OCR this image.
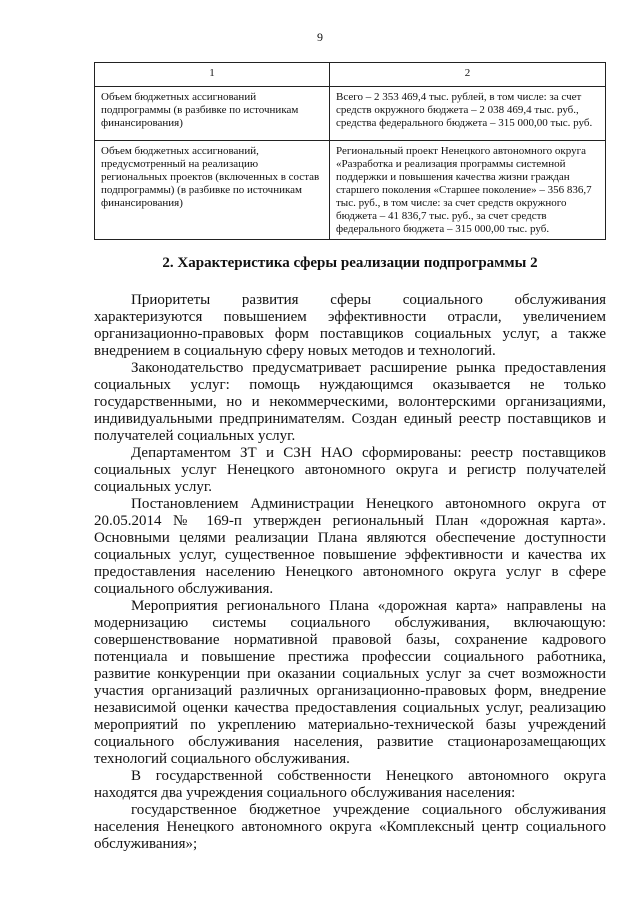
9
1	2
Объем бюджетных ассигнований подпрограммы (в разбивке по источникам финансирования)	Всего – 2 353 469,4 тыс. рублей, в том числе: за счет средств окружного бюджета – 2 038 469,4 тыс. руб., средства федерального бюджета – 315 000,00 тыс. руб.
Объем бюджетных ассигнований, предусмотренный на реализацию региональных проектов (включенных в состав подпрограммы) (в разбивке по источникам финансирования)	Региональный проект Ненецкого автономного округа «Разработка и реализация программы системной поддержки и повышения качества жизни граждан старшего поколения «Старшее поколение» – 356 836,7 тыс. руб., в том числе: за счет средств окружного бюджета – 41 836,7 тыс. руб., за счет средств федерального бюджета – 315 000,00 тыс. руб.
2. Характеристика сферы реализации подпрограммы 2

Приоритеты развития сферы социального обслуживания характеризуются повышением эффективности отрасли, увеличением организационно-правовых форм поставщиков социальных услуг, а также внедрением в социальную сферу новых методов и технологий.

Законодательство предусматривает расширение рынка предоставления социальных услуг: помощь нуждающимся оказывается не только государственными, но и некоммерческими, волонтерскими организациями, индивидуальными предпринимателям. Создан единый реестр поставщиков и получателей социальных услуг.

Департаментом ЗТ и СЗН НАО сформированы: реестр поставщиков социальных услуг Ненецкого автономного округа и регистр получателей социальных услуг.

Постановлением Администрации Ненецкого автономного округа от 20.05.2014 № 169-п утвержден региональный План «дорожная карта». Основными целями реализации Плана являются обеспечение доступности социальных услуг, существенное повышение эффективности и качества их предоставления населению Ненецкого автономного округа услуг в сфере социального обслуживания.

Мероприятия регионального Плана «дорожная карта» направлены на модернизацию системы социального обслуживания, включающую: совершенствование нормативной правовой базы, сохранение кадрового потенциала и повышение престижа профессии социального работника, развитие конкуренции при оказании социальных услуг за счет возможности участия организаций различных организационно-правовых форм, внедрение независимой оценки качества предоставления социальных услуг, реализацию мероприятий по укреплению материально-технической базы учреждений социального обслуживания населения, развитие стационарозамещающих технологий социального обслуживания.

В государственной собственности Ненецкого автономного округа находятся два учреждения социального обслуживания населения:

государственное бюджетное учреждение социального обслуживания населения Ненецкого автономного округа «Комплексный центр социального обслуживания»;
